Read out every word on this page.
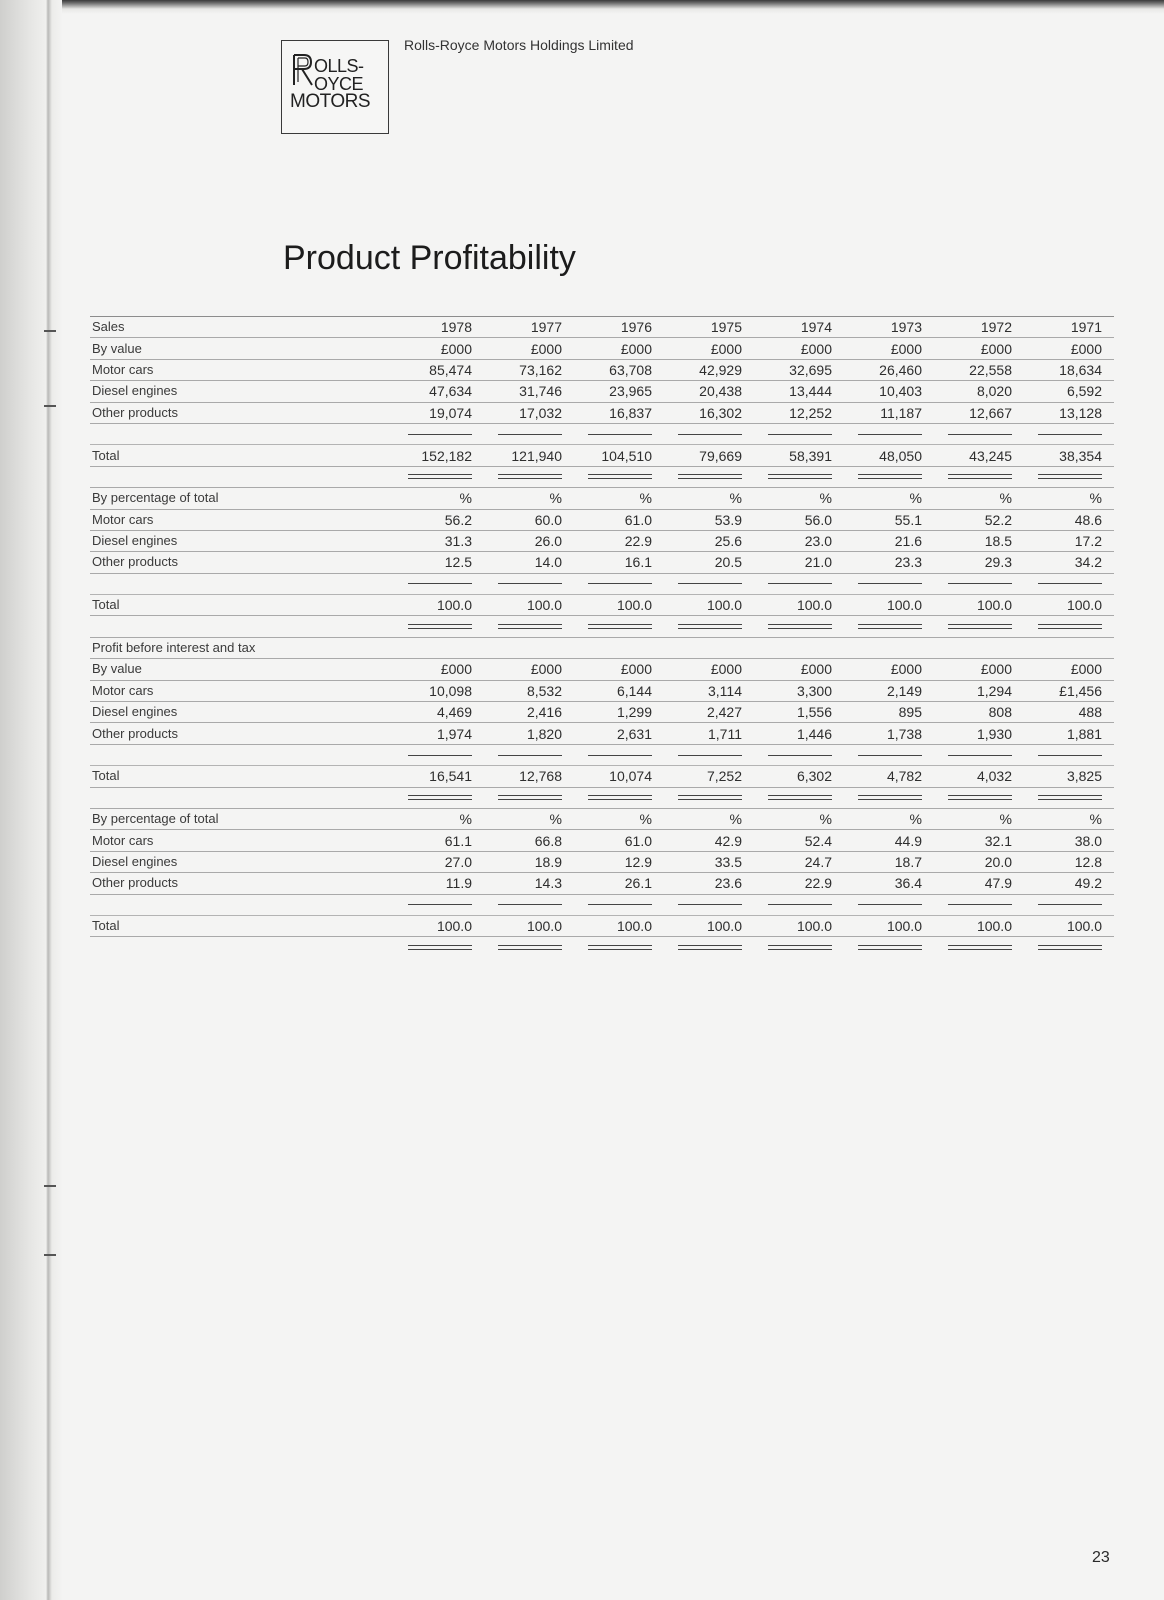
OLLS-
OYCE
MOTORS
Rolls-Royce Motors Holdings Limited
Product Profitability
Sales	1978	1977	1976	1975	1974	1973	1972	1971
By value	£000	£000	£000	£000	£000	£000	£000	£000
Motor cars	85,474	73,162	63,708	42,929	32,695	26,460	22,558	18,634
Diesel engines	47,634	31,746	23,965	20,438	13,444	10,403	8,020	6,592
Other products	19,074	17,032	16,837	16,302	12,252	11,187	12,667	13,128

Total	152,182	121,940	104,510	79,669	58,391	48,050	43,245	38,354

By percentage of total	%	%	%	%	%	%	%	%
Motor cars	56.2	60.0	61.0	53.9	56.0	55.1	52.2	48.6
Diesel engines	31.3	26.0	22.9	25.6	23.0	21.6	18.5	17.2
Other products	12.5	14.0	16.1	20.5	21.0	23.3	29.3	34.2

Total	100.0	100.0	100.0	100.0	100.0	100.0	100.0	100.0

Profit before interest and tax								
By value	£000	£000	£000	£000	£000	£000	£000	£000
Motor cars	10,098	8,532	6,144	3,114	3,300	2,149	1,294	£1,456
Diesel engines	4,469	2,416	1,299	2,427	1,556	895	808	488
Other products	1,974	1,820	2,631	1,711	1,446	1,738	1,930	1,881

Total	16,541	12,768	10,074	7,252	6,302	4,782	4,032	3,825

By percentage of total	%	%	%	%	%	%	%	%
Motor cars	61.1	66.8	61.0	42.9	52.4	44.9	32.1	38.0
Diesel engines	27.0	18.9	12.9	33.5	24.7	18.7	20.0	12.8
Other products	11.9	14.3	26.1	23.6	22.9	36.4	47.9	49.2

Total	100.0	100.0	100.0	100.0	100.0	100.0	100.0	100.0

23
